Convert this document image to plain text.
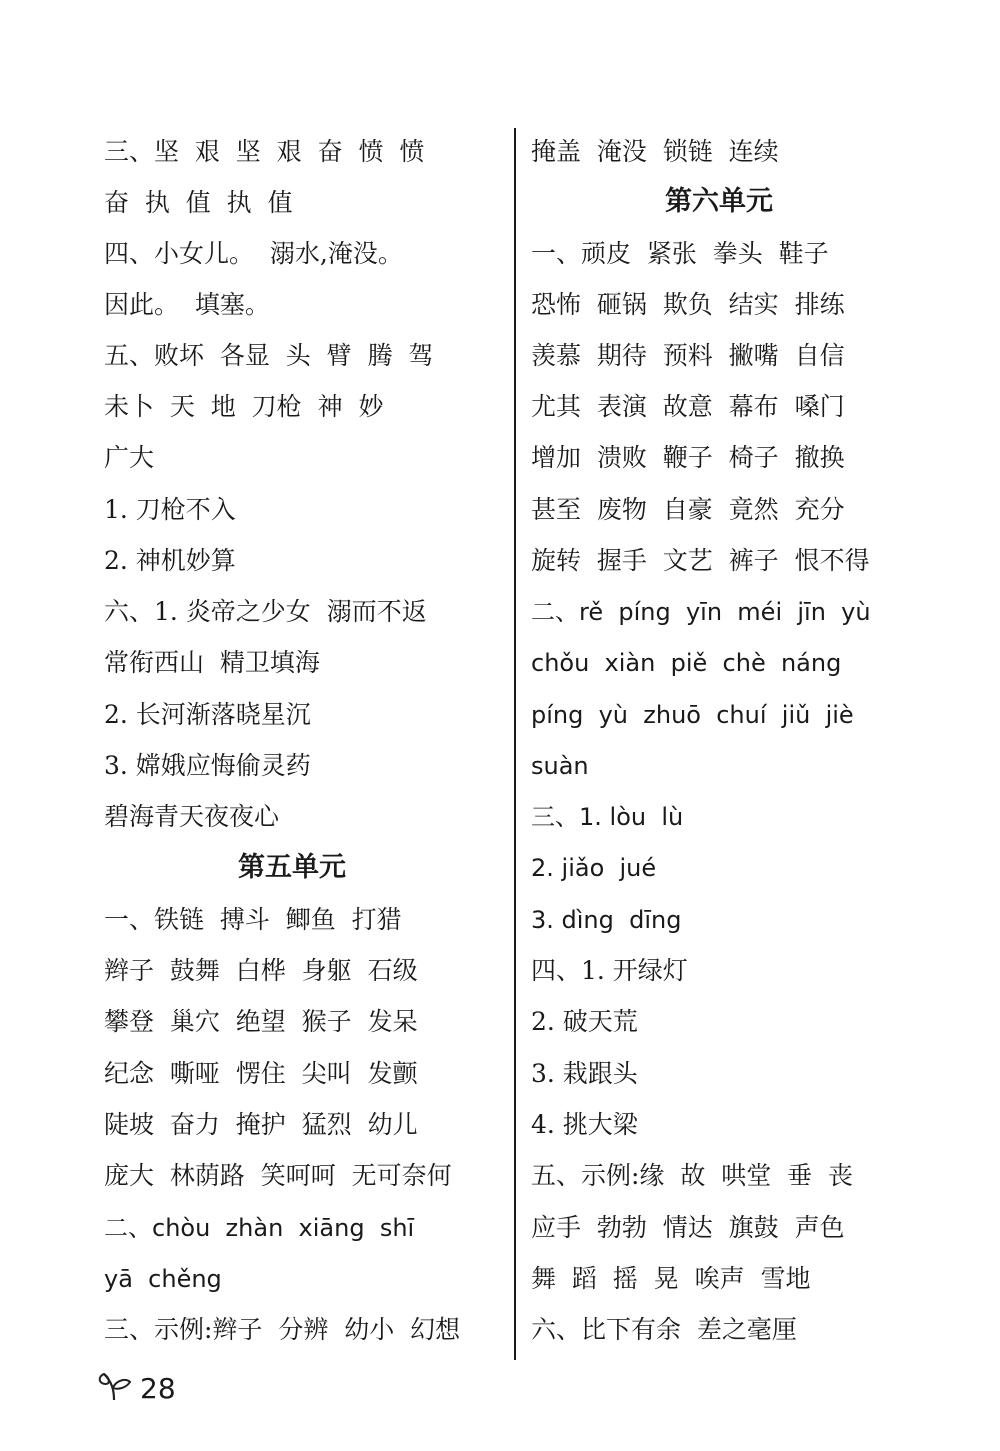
三、坚  艰  坚  艰  奋  愤  愤
奋  执  值  执  值
四、小女儿。  溺水,淹没。
因此。  填塞。
五、败坏  各显  头  臂  腾  驾
未卜  天  地  刀枪  神  妙
广大
1. 刀枪不入
2. 神机妙算
六、1. 炎帝之少女  溺而不返
常衔西山  精卫填海
2. 长河渐落晓星沉
3. 嫦娥应悔偷灵药
碧海青天夜夜心
第五单元
一、铁链  搏斗  鲫鱼  打猎
辫子  鼓舞  白桦  身躯  石级
攀登  巢穴  绝望  猴子  发呆
纪念  嘶哑  愣住  尖叫  发颤
陡坡  奋力  掩护  猛烈  幼儿
庞大  林荫路  笑呵呵  无可奈何
二、chòu  zhàn  xiāng  shī
yā  chěng
三、示例:辫子  分辨  幼小  幻想
掩盖  淹没  锁链  连续
第六单元
一、顽皮  紧张  拳头  鞋子
恐怖  砸锅  欺负  结实  排练
羡慕  期待  预料  撇嘴  自信
尤其  表演  故意  幕布  嗓门
增加  溃败  鞭子  椅子  撤换
甚至  废物  自豪  竟然  充分
旋转  握手  文艺  裤子  恨不得
二、rě  píng  yīn  méi  jīn  yù
chǒu  xiàn  piě  chè  náng
píng  yù  zhuō  chuí  jiǔ  jiè
suàn
三、1. lòu  lù
2. jiǎo  jué
3. dìng  dīng
四、1. 开绿灯
2. 破天荒
3. 栽跟头
4. 挑大梁
五、示例:缘  故  哄堂  垂  丧
应手  勃勃  情达  旗鼓  声色
舞  蹈  摇  晃  唉声  雪地
六、比下有余  差之毫厘
28
